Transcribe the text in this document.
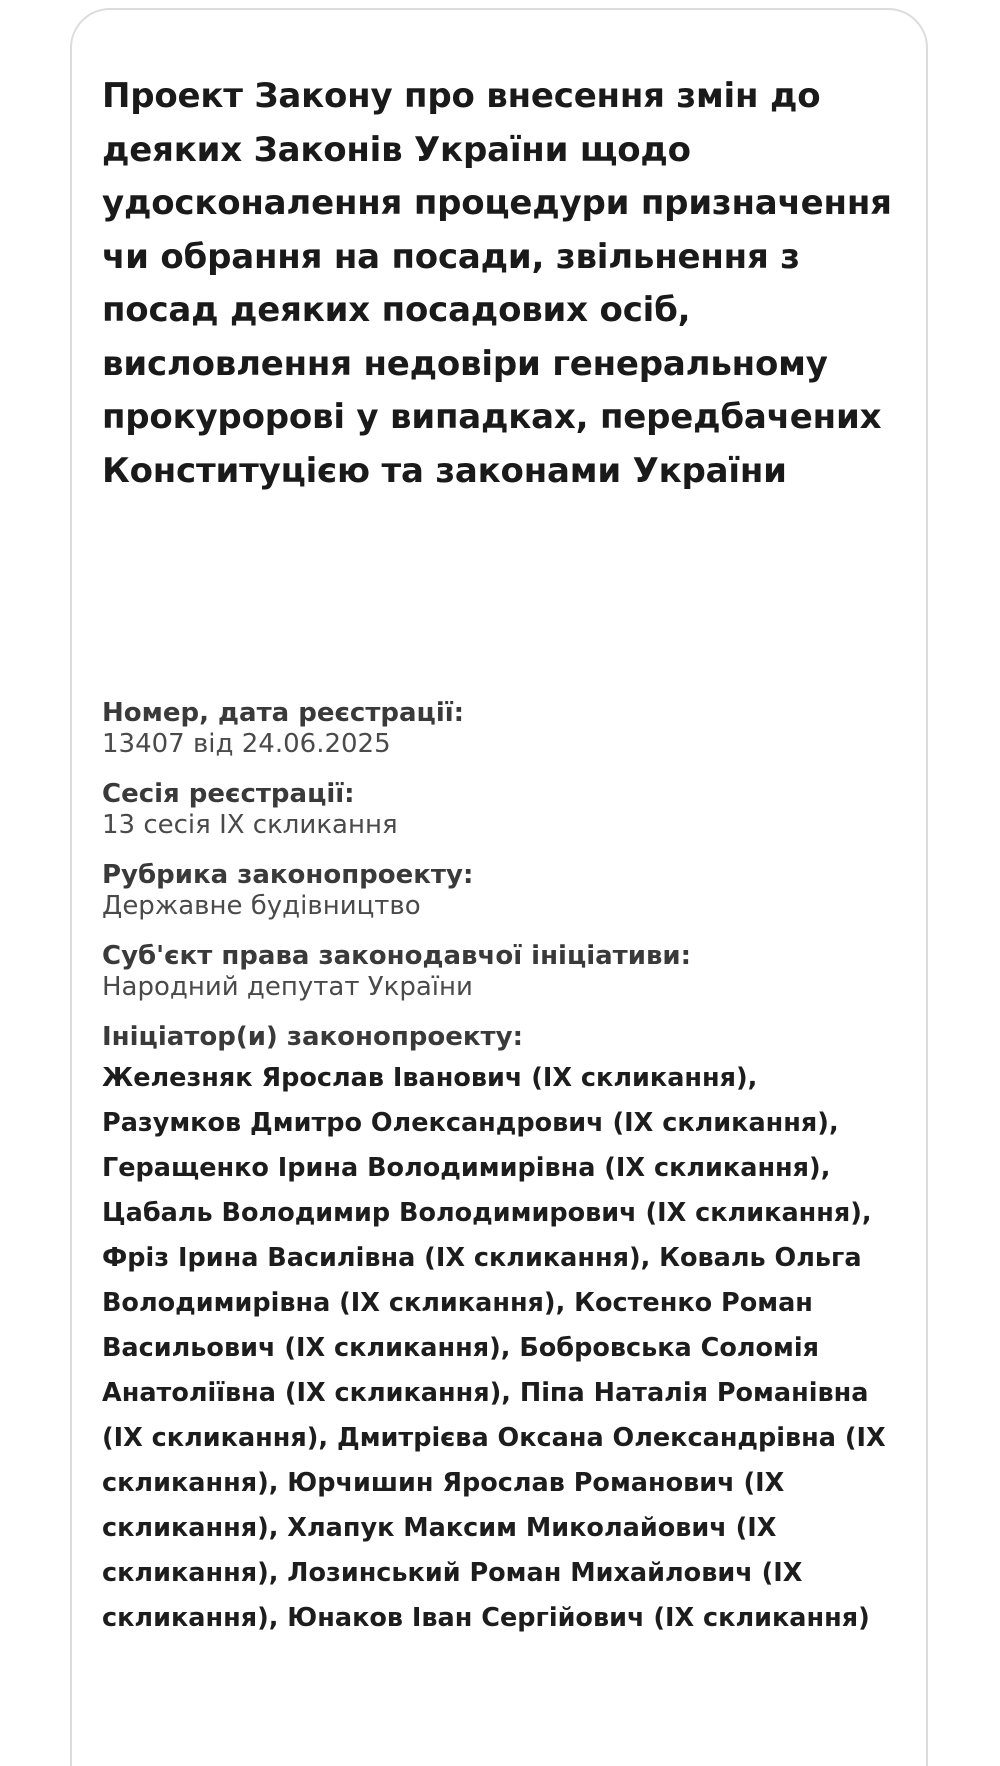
Проект Закону про внесення змін до деяких Законів України щодо удосконалення процедури призначення чи обрання на посади, звільнення з посад деяких посадових осіб, висловлення недовіри генеральному прокуророві у випадках, передбачених Конституцією та законами України
Номер, дата реєстрації:
13407 від 24.06.2025
Сесія реєстрації:
13 сесія IX скликання
Рубрика законопроекту:
Державне будівництво
Суб'єкт права законодавчої ініціативи:
Народний депутат України
Ініціатор(и) законопроекту:
Железняк Ярослав Іванович (IX скликання), Разумков Дмитро Олександрович (IX скликання), Геращенко Ірина Володимирівна (IX скликання), Цабаль Володимир Володимирович (IX скликання), Фріз Ірина Василівна (IX скликання), Коваль Ольга Володимирівна (IX скликання), Костенко Роман Васильович (IX скликання), Бобровська Соломія Анатоліївна (IX скликання), Піпа Наталія Романівна (IX скликання), Дмитрієва Оксана Олександрівна (IX скликання), Юрчишин Ярослав Романович (IX скликання), Хлапук Максим Миколайович (IX скликання), Лозинський Роман Михайлович (IX скликання), Юнаков Іван Сергійович (IX скликання)
